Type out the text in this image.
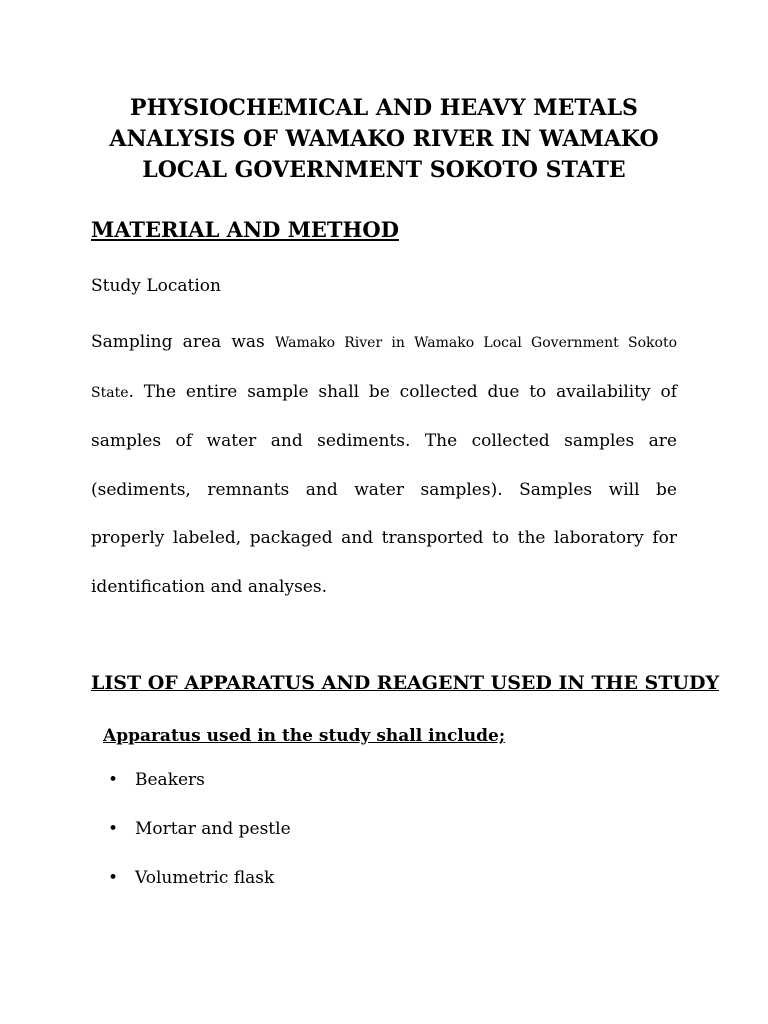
PHYSIOCHEMICAL AND HEAVY METALS ANALYSIS OF WAMAKO RIVER IN WAMAKO LOCAL GOVERNMENT SOKOTO STATE
MATERIAL AND METHOD

Study Location

Sampling area was Wamako River in Wamako Local Government Sokoto State. The entire sample shall be collected due to availability of samples of water and sediments. The collected samples are (sediments, remnants and water samples). Samples will be properly labeled, packaged and transported to the laboratory for identification and analyses.

LIST OF APPARATUS AND REAGENT USED IN THE STUDY
Apparatus used in the study shall include;
• Beakers
• Mortar and pestle
• Volumetric flask
